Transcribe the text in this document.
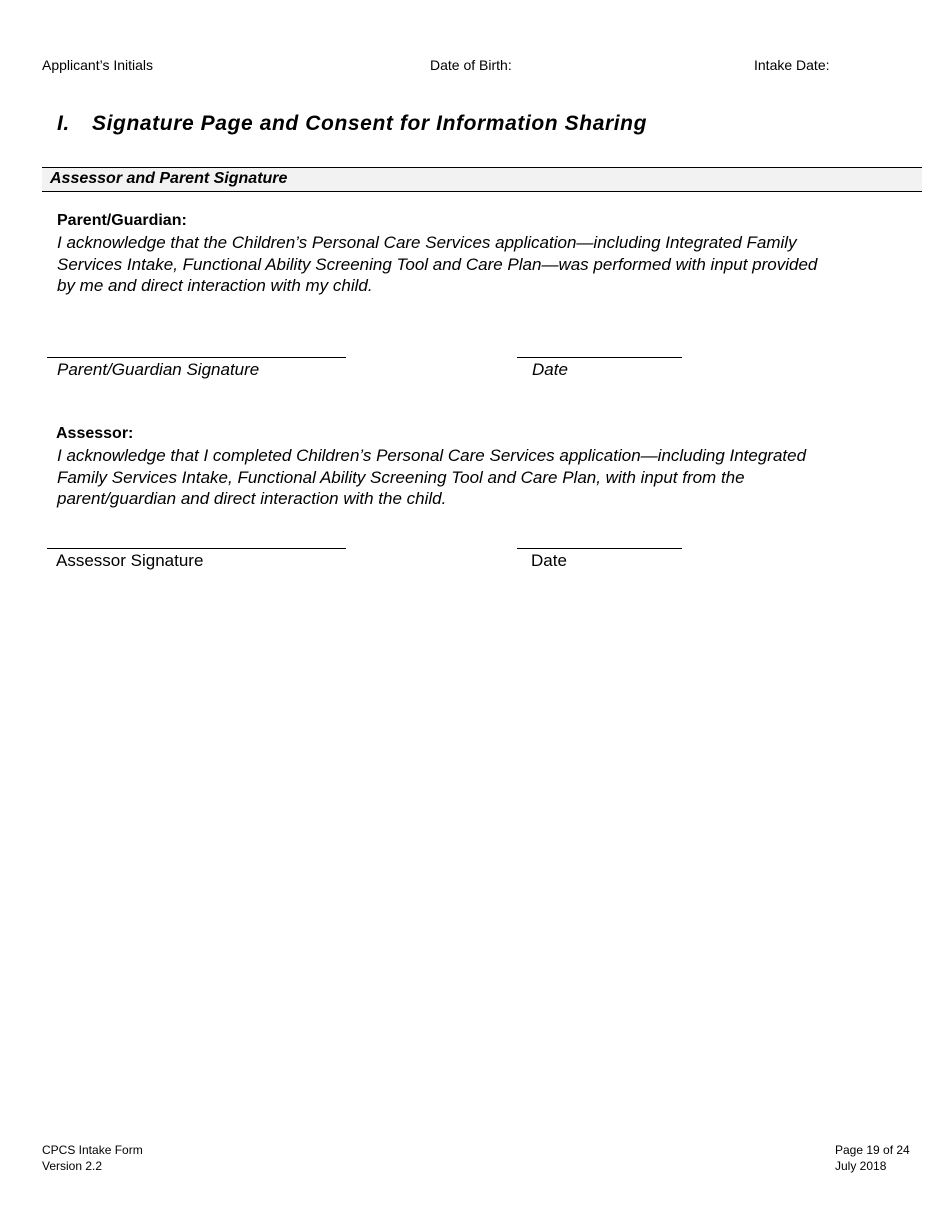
Applicant’s Initials	Date of Birth:	Intake Date:
I. Signature Page and Consent for Information Sharing
Assessor and Parent Signature
Parent/Guardian:
I acknowledge that the Children’s Personal Care Services application—including Integrated Family Services Intake, Functional Ability Screening Tool and Care Plan—was performed with input provided by me and direct interaction with my child.
Parent/Guardian Signature	Date
Assessor:
I acknowledge that I completed Children’s Personal Care Services application—including Integrated Family Services Intake, Functional Ability Screening Tool and Care Plan, with input from the parent/guardian and direct interaction with the child.
Assessor Signature	Date
CPCS Intake Form
Version 2.2
Page 19 of 24
July 2018
